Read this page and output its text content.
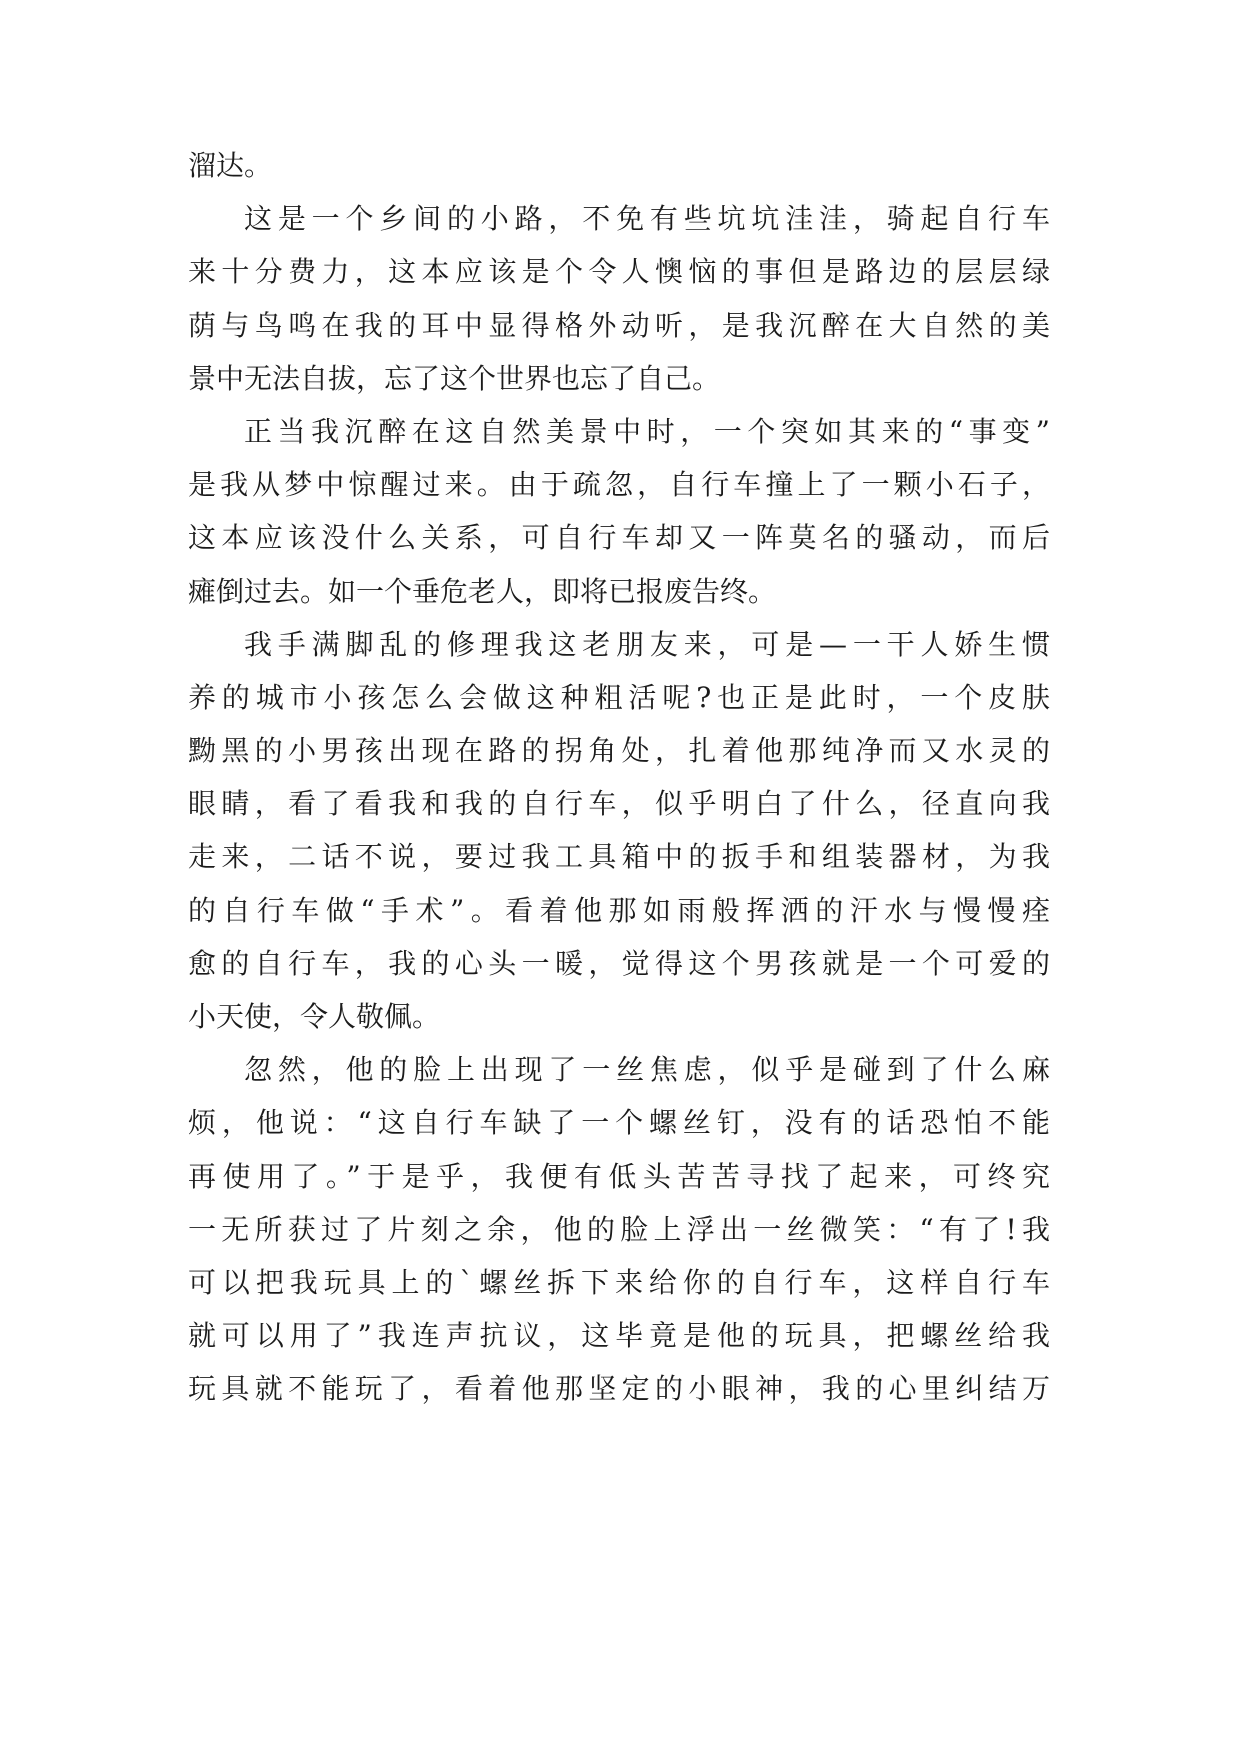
溜达。
这是一个乡间的小路，不免有些坑坑洼洼，骑起自行车
来十分费力，这本应该是个令人懊恼的事但是路边的层层绿
荫与鸟鸣在我的耳中显得格外动听，是我沉醉在大自然的美
景中无法自拔，忘了这个世界也忘了自己。
正当我沉醉在这自然美景中时，一个突如其来的“事变”
是我从梦中惊醒过来。由于疏忽，自行车撞上了一颗小石子，
这本应该没什么关系，可自行车却又一阵莫名的骚动，而后
瘫倒过去。如一个垂危老人，即将已报废告终。
我手满脚乱的修理我这老朋友来，可是—一干人娇生惯
养的城市小孩怎么会做这种粗活呢?也正是此时，一个皮肤
黝黑的小男孩出现在路的拐角处，扎着他那纯净而又水灵的
眼睛，看了看我和我的自行车，似乎明白了什么，径直向我
走来，二话不说，要过我工具箱中的扳手和组装器材，为我
的自行车做“手术”。看着他那如雨般挥洒的汗水与慢慢痊
愈的自行车，我的心头一暖，觉得这个男孩就是一个可爱的
小天使，令人敬佩。
忽然，他的脸上出现了一丝焦虑，似乎是碰到了什么麻
烦，他说：“这自行车缺了一个螺丝钉，没有的话恐怕不能
再使用了。”于是乎，我便有低头苦苦寻找了起来，可终究
一无所获过了片刻之余，他的脸上浮出一丝微笑：“有了!我
可以把我玩具上的`螺丝拆下来给你的自行车，这样自行车
就可以用了”我连声抗议，这毕竟是他的玩具，把螺丝给我
玩具就不能玩了，看着他那坚定的小眼神，我的心里纠结万
